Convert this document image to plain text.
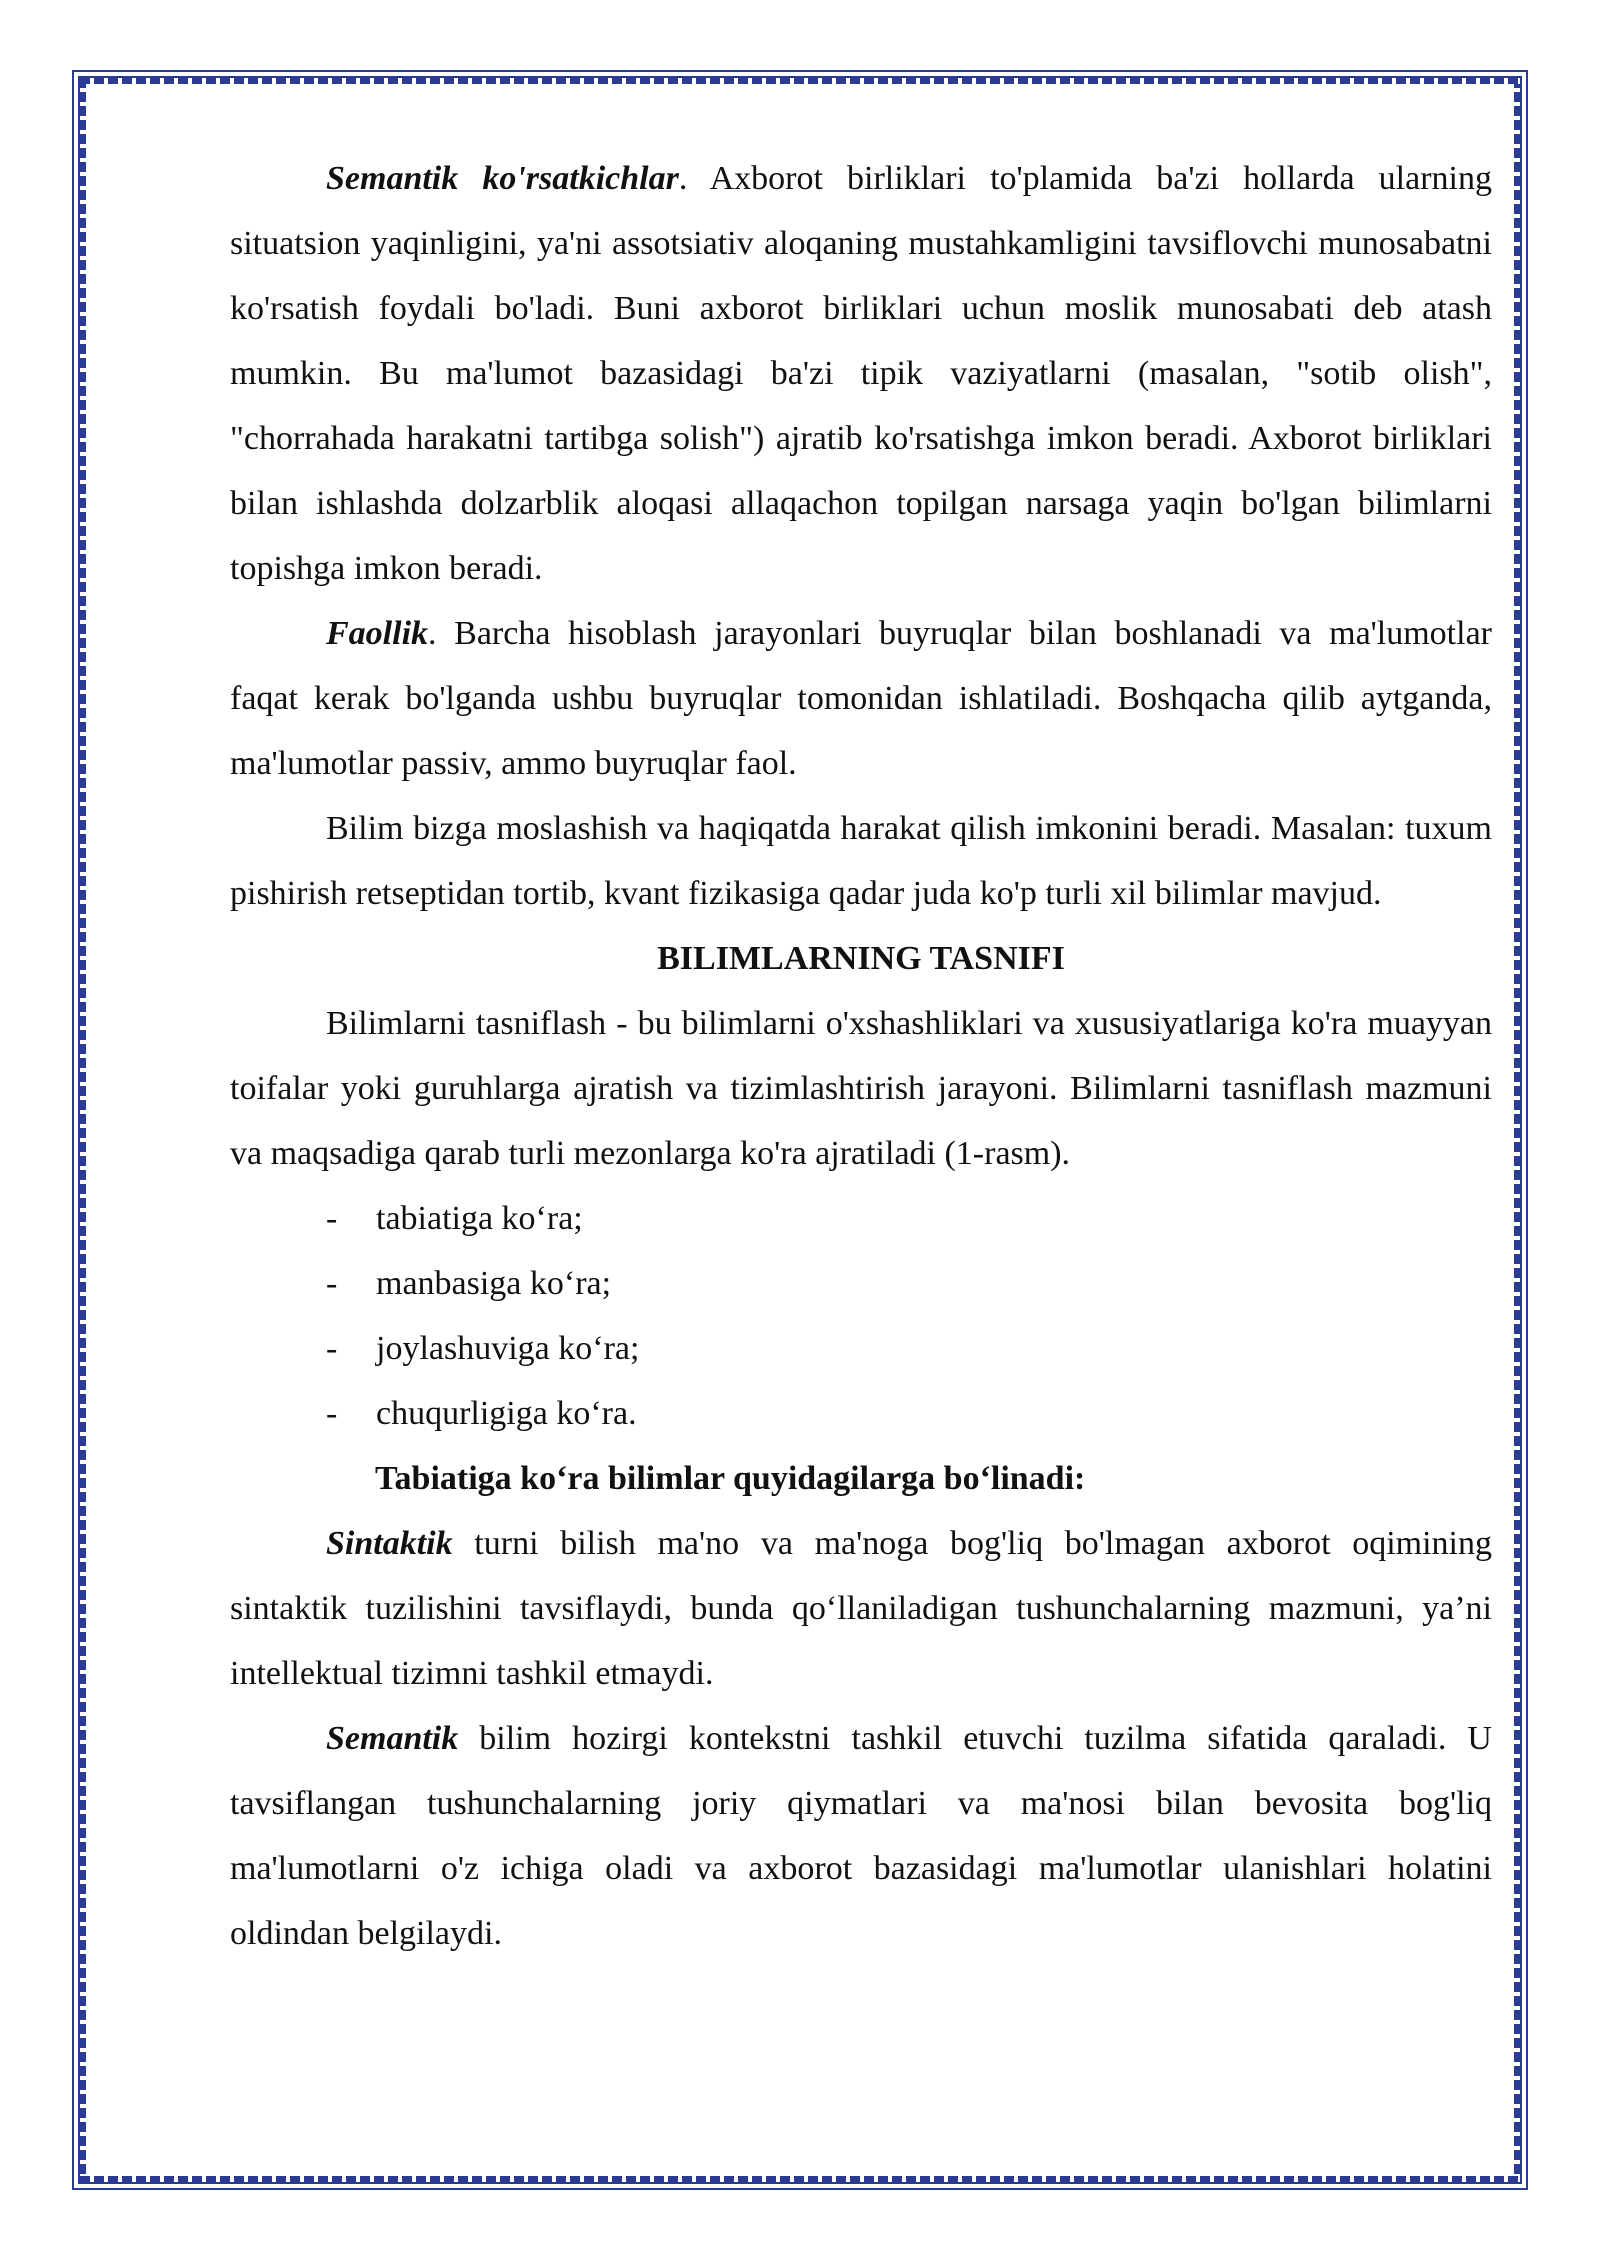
Semantik ko'rsatkichlar. Axborot birliklari to'plamida ba'zi hollarda ularning situatsion yaqinligini, ya'ni assotsiativ aloqaning mustahkamligini tavsiflovchi munosabatni ko'rsatish foydali bo'ladi. Buni axborot birliklari uchun moslik munosabati deb atash mumkin. Bu ma'lumot bazasidagi ba'zi tipik vaziyatlarni (masalan, "sotib olish", "chorrahada harakatni tartibga solish") ajratib ko'rsatishga imkon beradi. Axborot birliklari bilan ishlashda dolzarblik aloqasi allaqachon topilgan narsaga yaqin bo'lgan bilimlarni topishga imkon beradi.

Faollik. Barcha hisoblash jarayonlari buyruqlar bilan boshlanadi va ma'lumotlar faqat kerak bo'lganda ushbu buyruqlar tomonidan ishlatiladi. Boshqacha qilib aytganda, ma'lumotlar passiv, ammo buyruqlar faol.

Bilim bizga moslashish va haqiqatda harakat qilish imkonini beradi. Masalan: tuxum pishirish retseptidan tortib, kvant fizikasiga qadar juda ko'p turli xil bilimlar mavjud.

BILIMLARNING TASNIFI

Bilimlarni tasniflash - bu bilimlarni o'xshashliklari va xususiyatlariga ko'ra muayyan toifalar yoki guruhlarga ajratish va tizimlashtirish jarayoni. Bilimlarni tasniflash mazmuni va maqsadiga qarab turli mezonlarga ko'ra ajratiladi (1-rasm).

-	tabiatiga ko‘ra;
-	manbasiga ko‘ra;
-	joylashuviga ko‘ra;
-	chuqurligiga ko‘ra.

Tabiatiga ko‘ra bilimlar quyidagilarga bo‘linadi:

Sintaktik turni bilish ma'no va ma'noga bog'liq bo'lmagan axborot oqimining sintaktik tuzilishini tavsiflaydi, bunda qo‘llaniladigan tushunchalarning mazmuni, ya’ni intellektual tizimni tashkil etmaydi.

Semantik bilim hozirgi kontekstni tashkil etuvchi tuzilma sifatida qaraladi. U tavsiflangan tushunchalarning joriy qiymatlari va ma'nosi bilan bevosita bog'liq ma'lumotlarni o'z ichiga oladi va axborot bazasidagi ma'lumotlar ulanishlari holatini oldindan belgilaydi.
